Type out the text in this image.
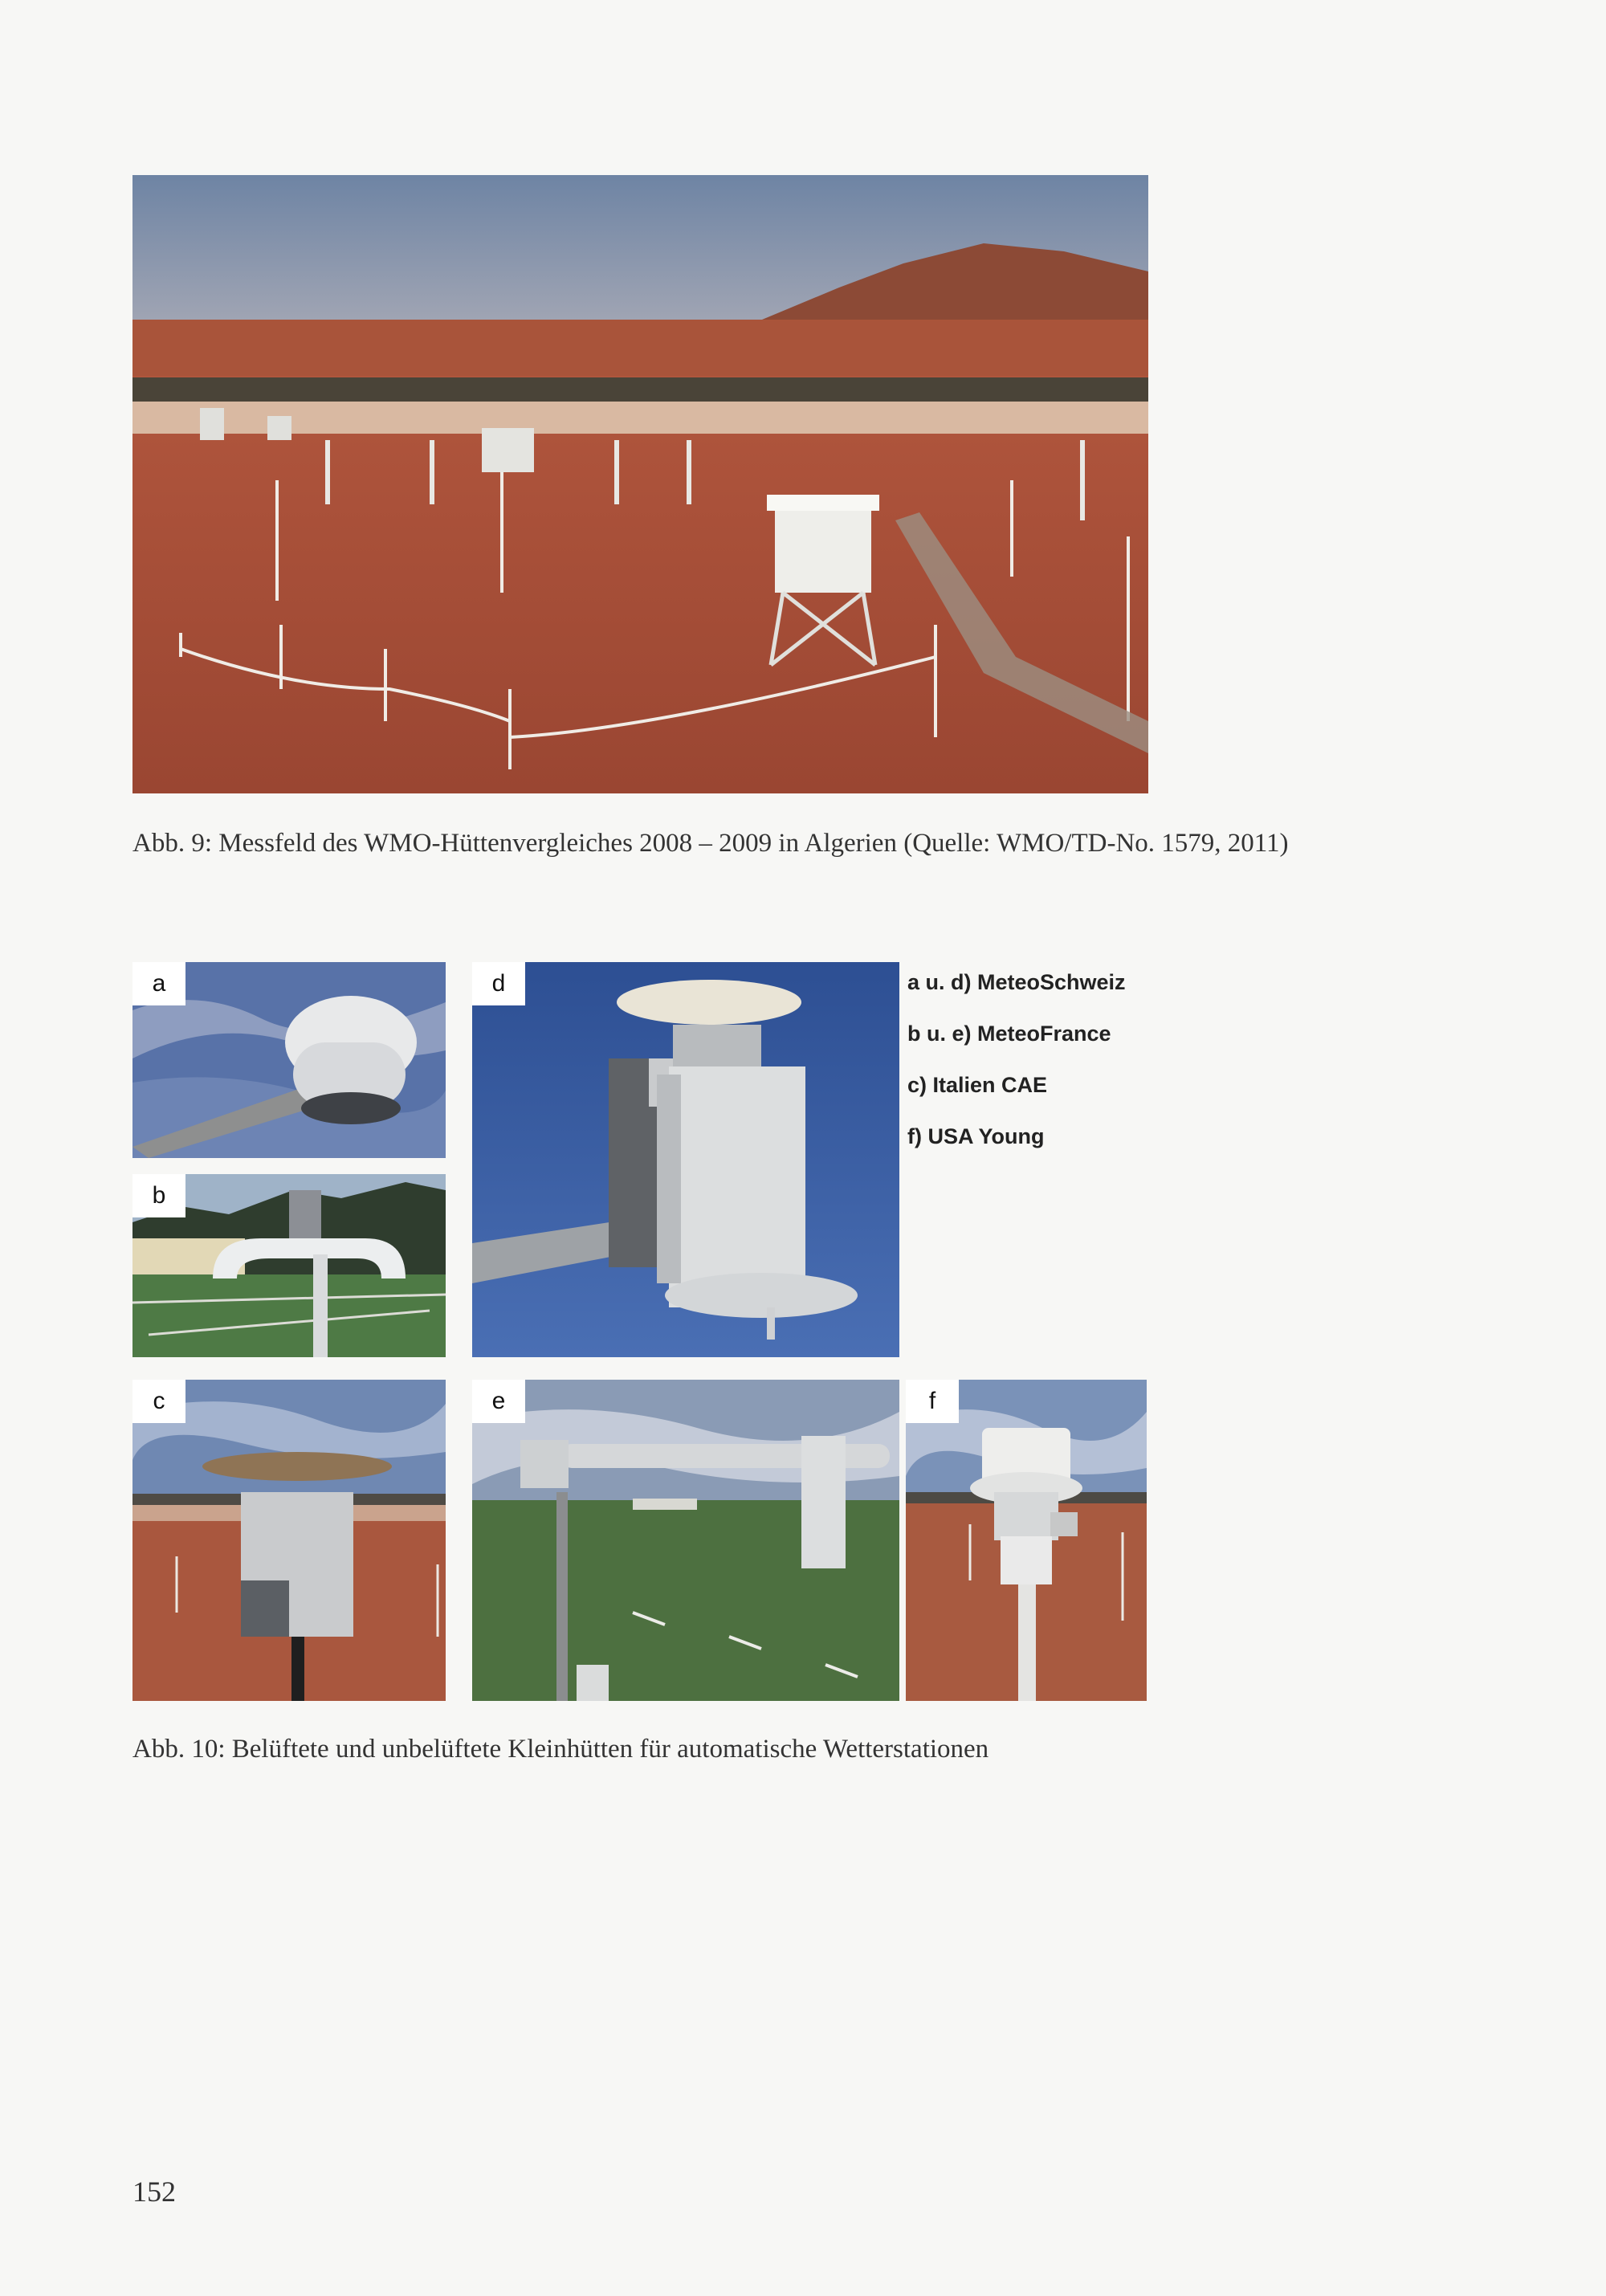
Abb. 9: Messfeld des WMO-Hüttenvergleiches 2008 – 2009 in Algerien (Quelle: WMO/TD-No. 1579, 2011)
a
b
d
c	e	f
a u. d) MeteoSchweiz
b u. e) MeteoFrance
c) Italien CAE
f) USA Young
Abb. 10: Belüftete und unbelüftete Kleinhütten für automatische Wetterstationen
152
